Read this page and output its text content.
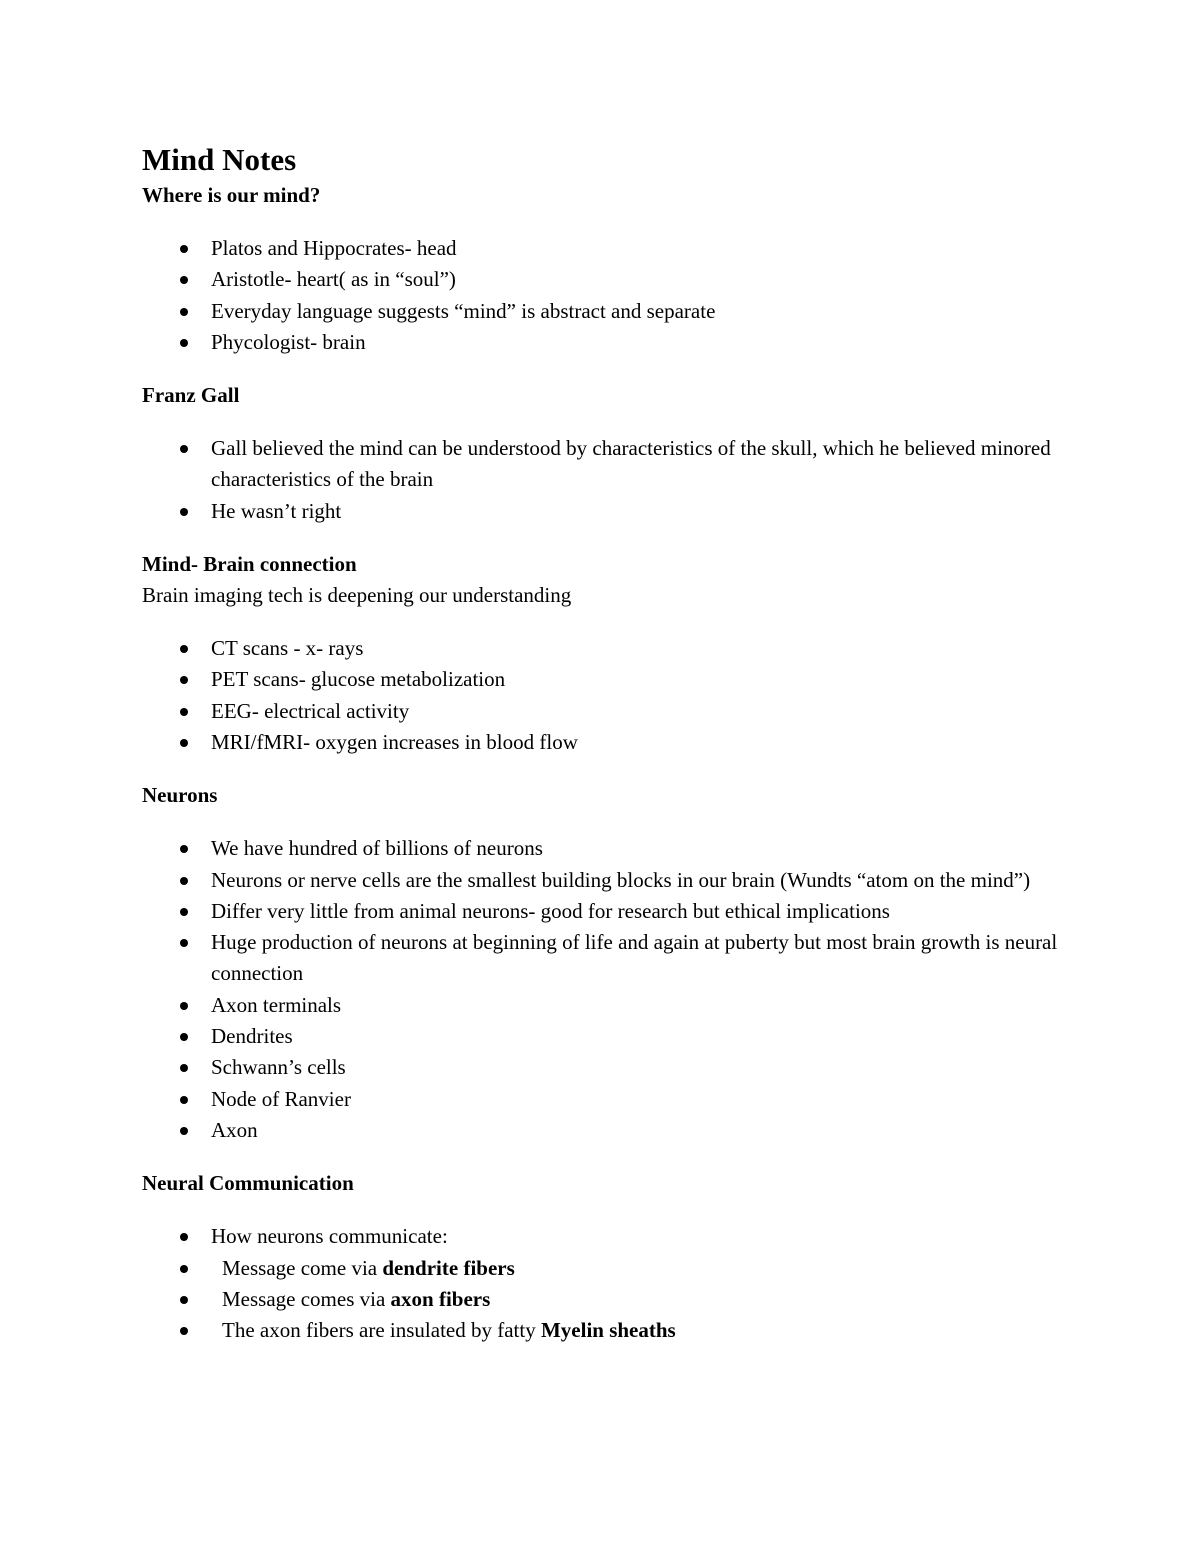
Mind Notes

Where is our mind?

Platos and Hippocrates- head
Aristotle- heart( as in “soul”)
Everyday language suggests “mind” is abstract and separate
Phycologist- brain

Franz Gall

Gall believed the mind can be understood by characteristics of the skull, which he believed minored characteristics of the brain
He wasn’t right

Mind- Brain connection

Brain imaging tech is deepening our understanding

CT scans - x- rays
PET scans- glucose metabolization
EEG- electrical activity
MRI/fMRI- oxygen increases in blood flow

Neurons

We have hundred of billions of neurons
Neurons or nerve cells are the smallest building blocks in our brain (Wundts “atom on the mind”)
Differ very little from animal neurons- good for research but ethical implications
Huge production of neurons at beginning of life and again at puberty but most brain growth is neural connection
Axon terminals
Dendrites
Schwann’s cells
Node of Ranvier
Axon

Neural Communication

How neurons communicate:
Message come via dendrite fibers
Message comes via axon fibers
The axon fibers are insulated by fatty Myelin sheaths
